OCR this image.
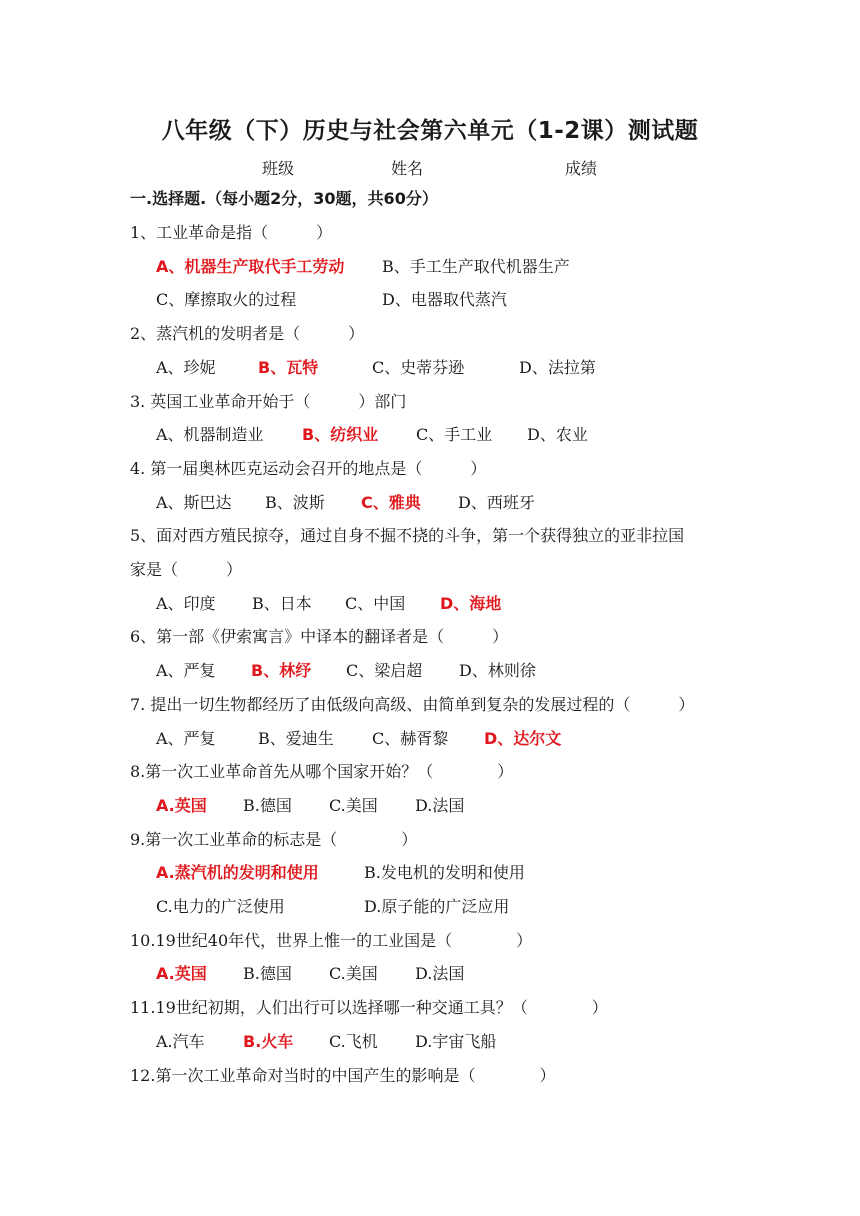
八年级（下）历史与社会第六单元（1-2课）测试题
班级	姓名	成绩
一.选择题.（每小题2分，30题，共60分）
1、工业革命是指（　　　）
A、机器生产取代手工劳动 B、手工生产取代机器生产
C、摩擦取火的过程	D、电器取代蒸汽
2、蒸汽机的发明者是（　　　）
A、珍妮	B、瓦特	C、史蒂芬逊	D、法拉第
3. 英国工业革命开始于（　　　）部门
A、机器制造业 B、纺织业 C、手工业 D、农业
4. 第一届奥林匹克运动会召开的地点是（　　　）
A、斯巴达 B、波斯 C、雅典 D、西班牙
5、面对西方殖民掠夺，通过自身不掘不挠的斗争，第一个获得独立的亚非拉国
家是（　　　）
A、印度 B、日本 C、中国 D、海地
6、第一部《伊索寓言》中译本的翻译者是（　　　）
A、严复 B、林纾 C、梁启超 D、林则徐
7. 提出一切生物都经历了由低级向高级、由简单到复杂的发展过程的（　　　）
A、严复	B、爱迪生 C、赫胥黎 D、达尔文
8.第一次工业革命首先从哪个国家开始？（　　　　）
A.英国 B.德国 C.美国 D.法国
9.第一次工业革命的标志是（　　　　）
A.蒸汽机的发明和使用	B.发电机的发明和使用
C.电力的广泛使用	D.原子能的广泛应用
10.19世纪40年代，世界上惟一的工业国是（　　　　）
A.英国 B.德国 C.美国 D.法国
11.19世纪初期，人们出行可以选择哪一种交通工具？（　　　　）
A.汽车 B.火车 C.飞机 D.宇宙飞船
12.第一次工业革命对当时的中国产生的影响是（　　　　）
